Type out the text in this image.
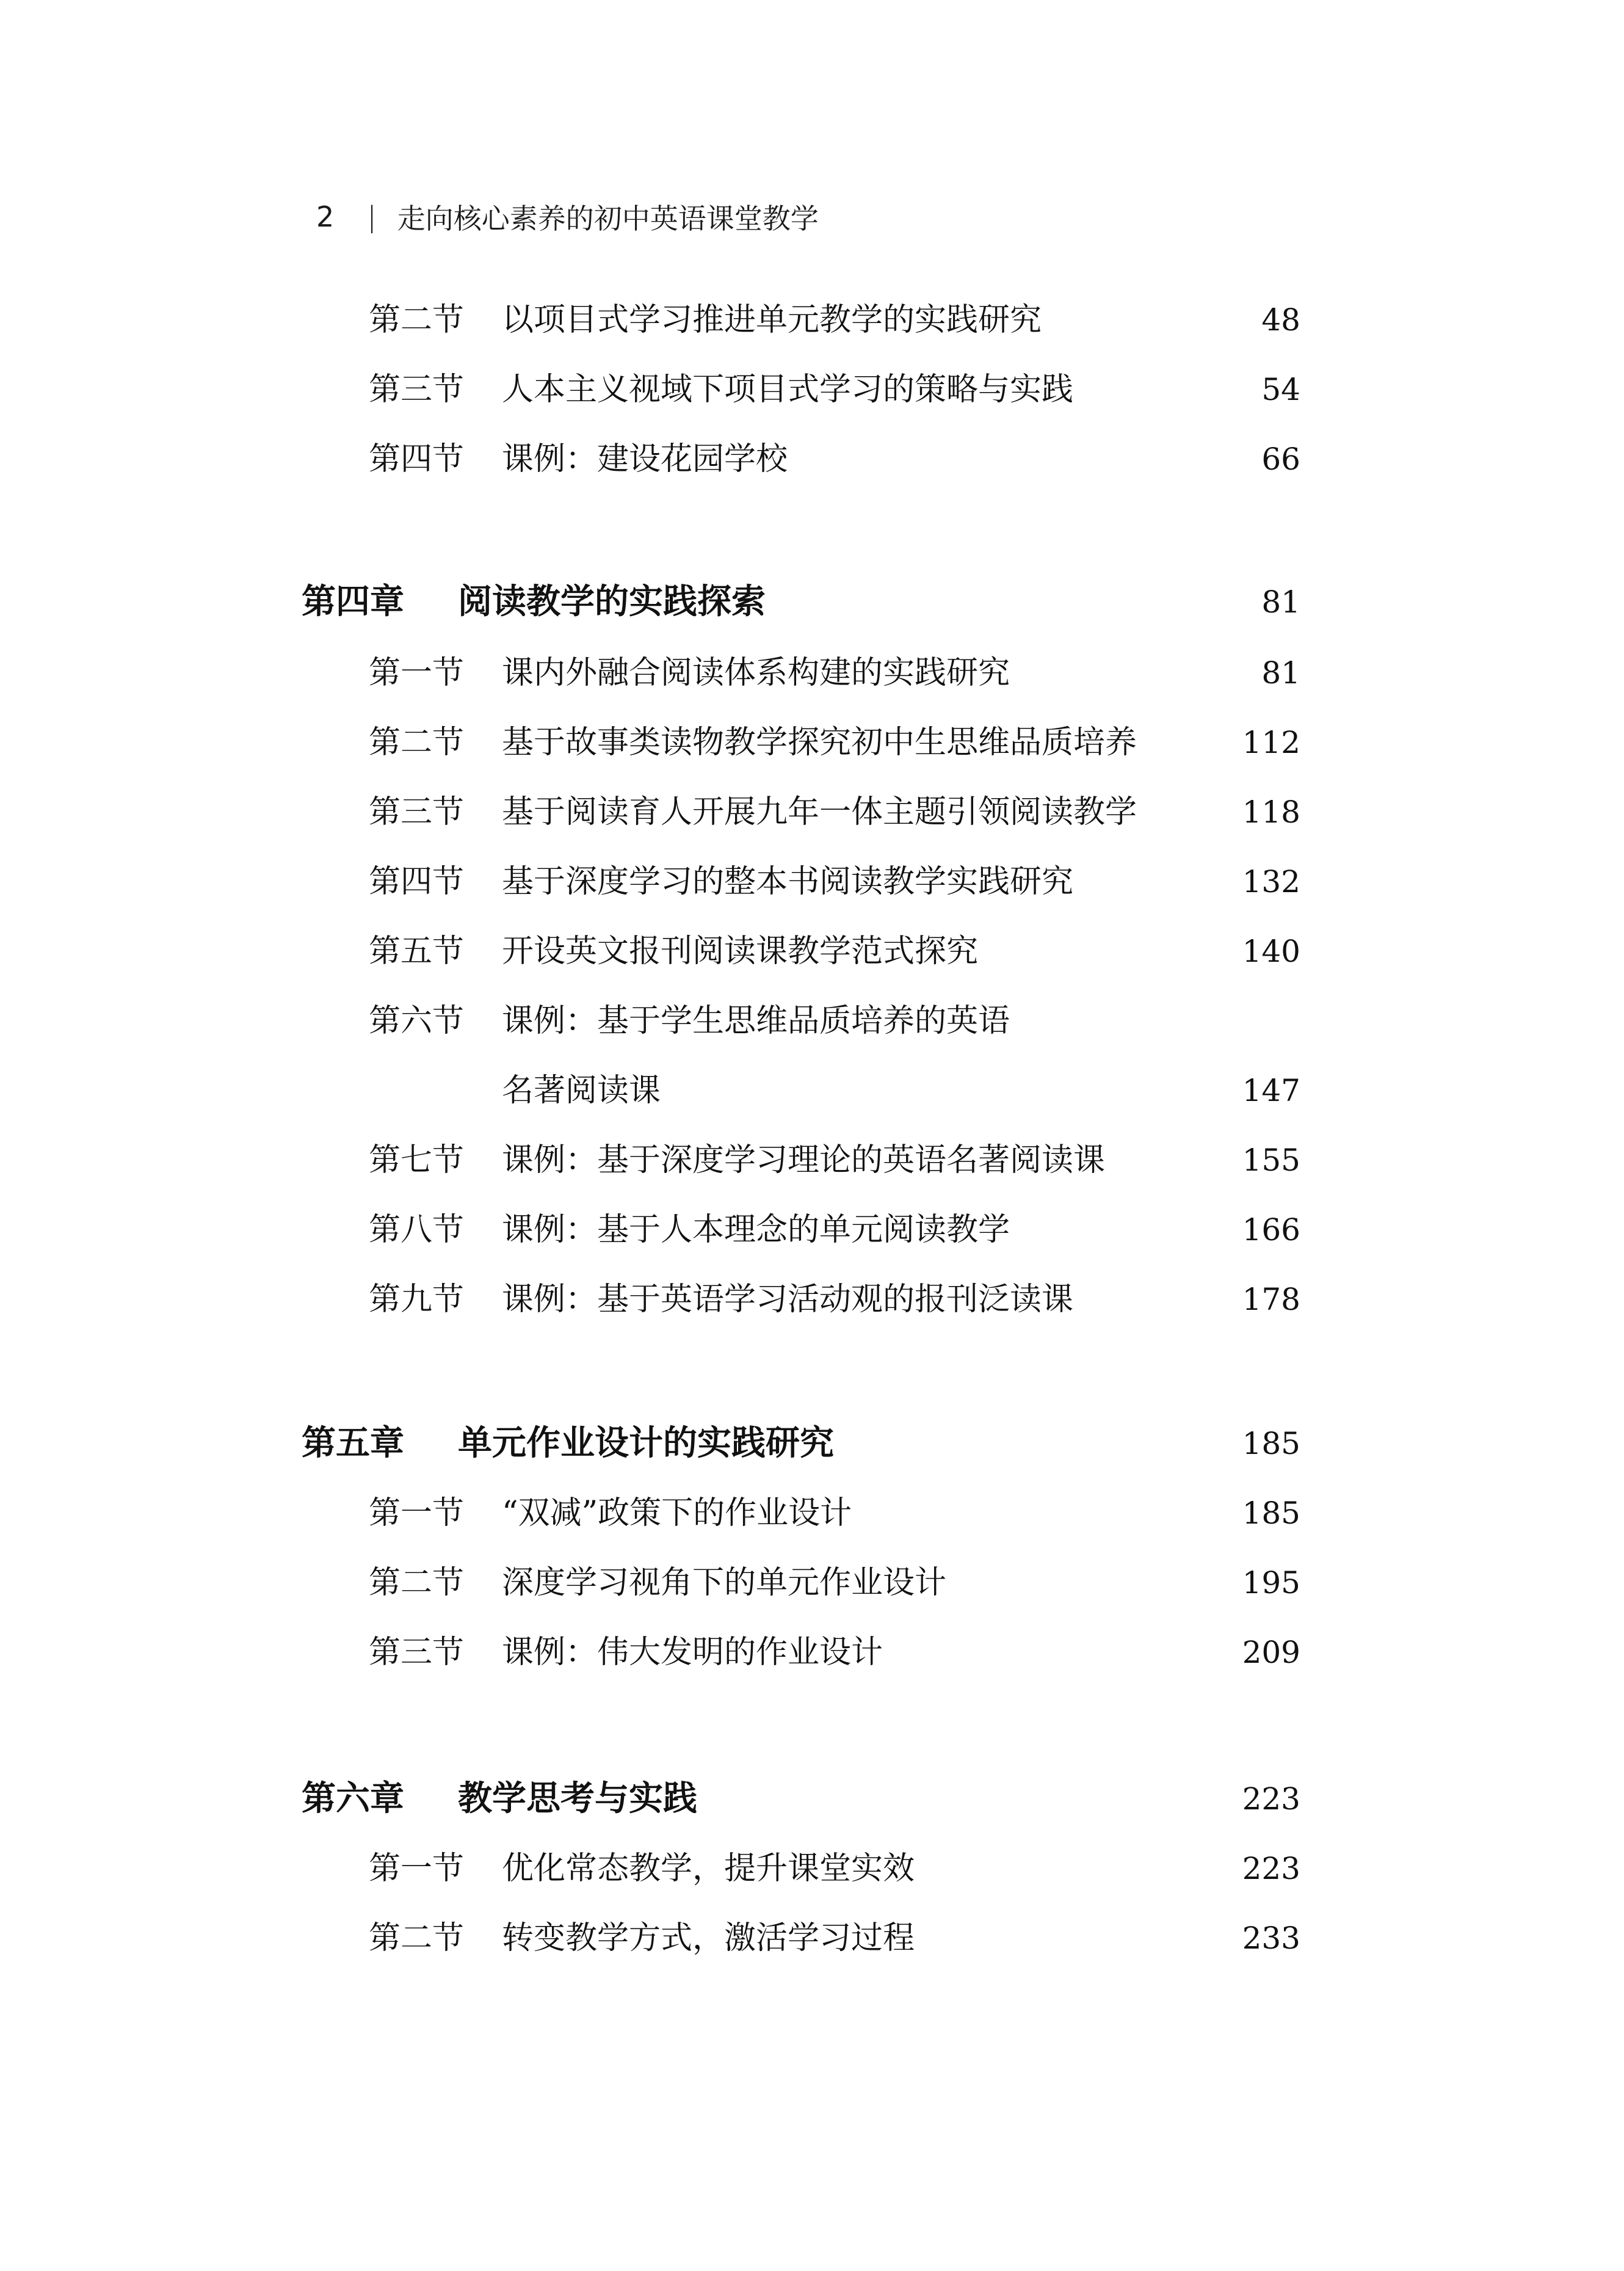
2 | 走向核心素养的初中英语课堂教学
第二节 以项目式学习推进单元教学的实践研究	48
第三节 人本主义视域下项目式学习的策略与实践	54
第四节 课例：建设花园学校	66
第四章 阅读教学的实践探索	81
第一节 课内外融合阅读体系构建的实践研究	81
第二节 基于故事类读物教学探究初中生思维品质培养	112
第三节 基于阅读育人开展九年一体主题引领阅读教学	118
第四节 基于深度学习的整本书阅读教学实践研究	132
第五节 开设英文报刊阅读课教学范式探究	140
第六节 课例：基于学生思维品质培养的英语
名著阅读课	147
第七节 课例：基于深度学习理论的英语名著阅读课	155
第八节 课例：基于人本理念的单元阅读教学	166
第九节 课例：基于英语学习活动观的报刊泛读课	178
第五章 单元作业设计的实践研究	185
第一节 “双减”政策下的作业设计	185
第二节 深度学习视角下的单元作业设计	195
第三节 课例：伟大发明的作业设计	209
第六章 教学思考与实践	223
第一节 优化常态教学，提升课堂实效	223
第二节 转变教学方式，激活学习过程	233
